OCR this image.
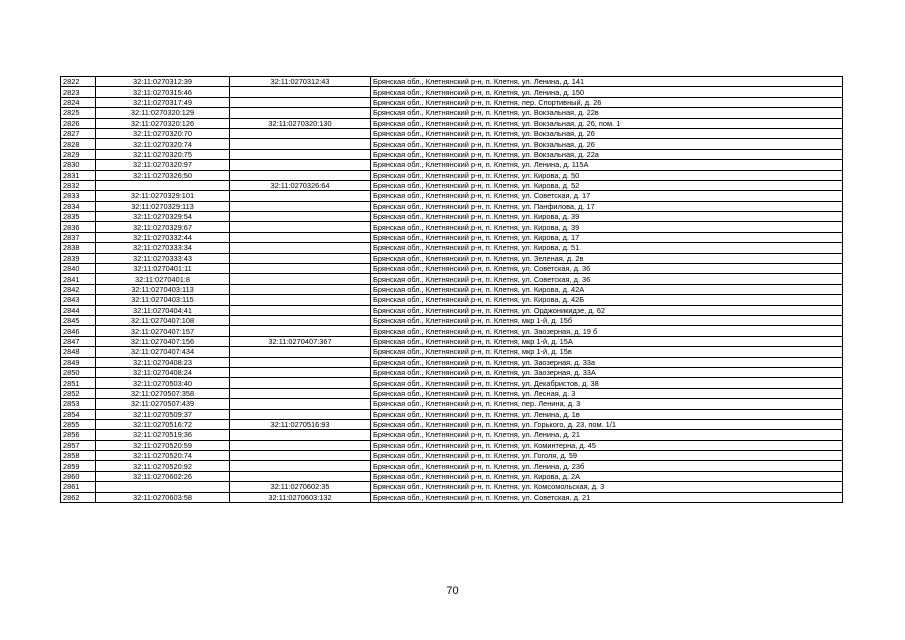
2822	32:11:0270312:39	32:11:0270312:43	Брянская обл., Клетнянский р-н, п. Клетня, ул. Ленина, д. 141
2823	32:11:0270315:46		Брянская обл., Клетнянский р-н, п. Клетня, ул. Ленина, д. 150
2824	32:11:0270317:49		Брянская обл., Клетнянский р-н, п. Клетня, пер. Спортивный, д. 26
2825	32:11:0270320:129		Брянская обл., Клетнянский р-н, п. Клетня, ул. Вокзальная, д. 22в
2826	32:11:0270320:126	32:11:0270320:130	Брянская обл., Клетнянский р-н, п. Клетня, ул. Вокзальная, д. 26, пом. 1
2827	32:11:0270320:70		Брянская обл., Клетнянский р-н, п. Клетня, ул. Вокзальная, д. 26
2828	32:11:0270320:74		Брянская обл., Клетнянский р-н, п. Клетня, ул. Вокзальная, д. 26
2829	32:11:0270320:75		Брянская обл., Клетнянский р-н, п. Клетня, ул. Вокзальная, д. 22а
2830	32:11:0270320:97		Брянская обл., Клетнянский р-н, п. Клетня, ул. Ленина, д. 115А
2831	32:11:0270326:50		Брянская обл., Клетнянский р-н, п. Клетня, ул. Кирова, д. 50
2832		32:11:0270326:64	Брянская обл., Клетнянский р-н, п. Клетня, ул. Кирова, д. 52
2833	32:11:0270329:101		Брянская обл., Клетнянский р-н, п. Клетня, ул. Советская, д. 17
2834	32:11:0270329:113		Брянская обл., Клетнянский р-н, п. Клетня, ул. Панфилова, д. 17
2835	32:11:0270329:54		Брянская обл., Клетнянский р-н, п. Клетня, ул. Кирова, д. 39
2836	32:11:0270329:67		Брянская обл., Клетнянский р-н, п. Клетня, ул. Кирова, д. 39
2837	32:11:0270332:44		Брянская обл., Клетнянский р-н, п. Клетня, ул. Кирова, д. 17
2838	32:11:0270333:34		Брянская обл., Клетнянский р-н, п. Клетня, ул. Кирова, д. 51
2839	32:11:0270333:43		Брянская обл., Клетнянский р-н, п. Клетня, ул. Зеленая, д. 2в
2840	32:11:0270401:11		Брянская обл., Клетнянский р-н, п. Клетня, ул. Советская, д. 36
2841	32:11:0270401:8		Брянская обл., Клетнянский р-н, п. Клетня, ул. Советская, д. 36
2842	32:11:0270403:113		Брянская обл., Клетнянский р-н, п. Клетня, ул. Кирова, д. 42А
2843	32:11:0270403:115		Брянская обл., Клетнянский р-н, п. Клетня, ул. Кирова, д. 42Б
2844	32:11:0270404:41		Брянская обл., Клетнянский р-н, п. Клетня, ул. Орджоникидзе, д. 62
2845	32:11:0270407:108		Брянская обл., Клетнянский р-н, п. Клетня, мкр 1-й, д. 15б
2846	32:11:0270407:157		Брянская обл., Клетнянский р-н, п. Клетня, ул. Заозерная, д. 19 б
2847	32:11:0270407:156	32:11:0270407:367	Брянская обл., Клетнянский р-н, п. Клетня, мкр 1-й, д. 15А
2848	32:11:0270407:434		Брянская обл., Клетнянский р-н, п. Клетня, мкр 1-й, д. 15в
2849	32:11:0270408:23		Брянская обл., Клетнянский р-н, п. Клетня, ул. Заозерная, д. 33а
2850	32:11:0270408:24		Брянская обл., Клетнянский р-н, п. Клетня, ул. Заозерная, д. 33А
2851	32:11:0270503:40		Брянская обл., Клетнянский р-н, п. Клетня, ул. Декабристов, д. 38
2852	32:11:0270507:358		Брянская обл., Клетнянский р-н, п. Клетня, ул. Лесная, д. 3
2853	32:11:0270507:439		Брянская обл., Клетнянский р-н, п. Клетня, пер. Ленина, д. 3
2854	32:11:0270509:37		Брянская обл., Клетнянский р-н, п. Клетня, ул. Ленина, д. 1в
2855	32:11:0270516:72	32:11:0270516:93	Брянская обл., Клетнянский р-н, п. Клетня, ул. Горького, д. 23, пом. 1/1
2856	32:11:0270519:36		Брянская обл., Клетнянский р-н, п. Клетня, ул. Ленина, д. 21
2857	32:11:0270520:59		Брянская обл., Клетнянский р-н, п. Клетня, ул. Коминтерна, д. 45
2858	32:11:0270520:74		Брянская обл., Клетнянский р-н, п. Клетня, ул. Гоголя, д. 59
2859	32:11:0270520:92		Брянская обл., Клетнянский р-н, п. Клетня, ул. Ленина, д. 23б
2860	32:11:0270602:26		Брянская обл., Клетнянский р-н, п. Клетня, ул. Кирова, д. 2А
2861		32:11:0270602:35	Брянская обл., Клетнянский р-н, п. Клетня, ул. Комсомольская, д. 3
2862	32:11:0270603:58	32:11:0270603:132	Брянская обл., Клетнянский р-н, п. Клетня, ул. Советская, д. 21
70
